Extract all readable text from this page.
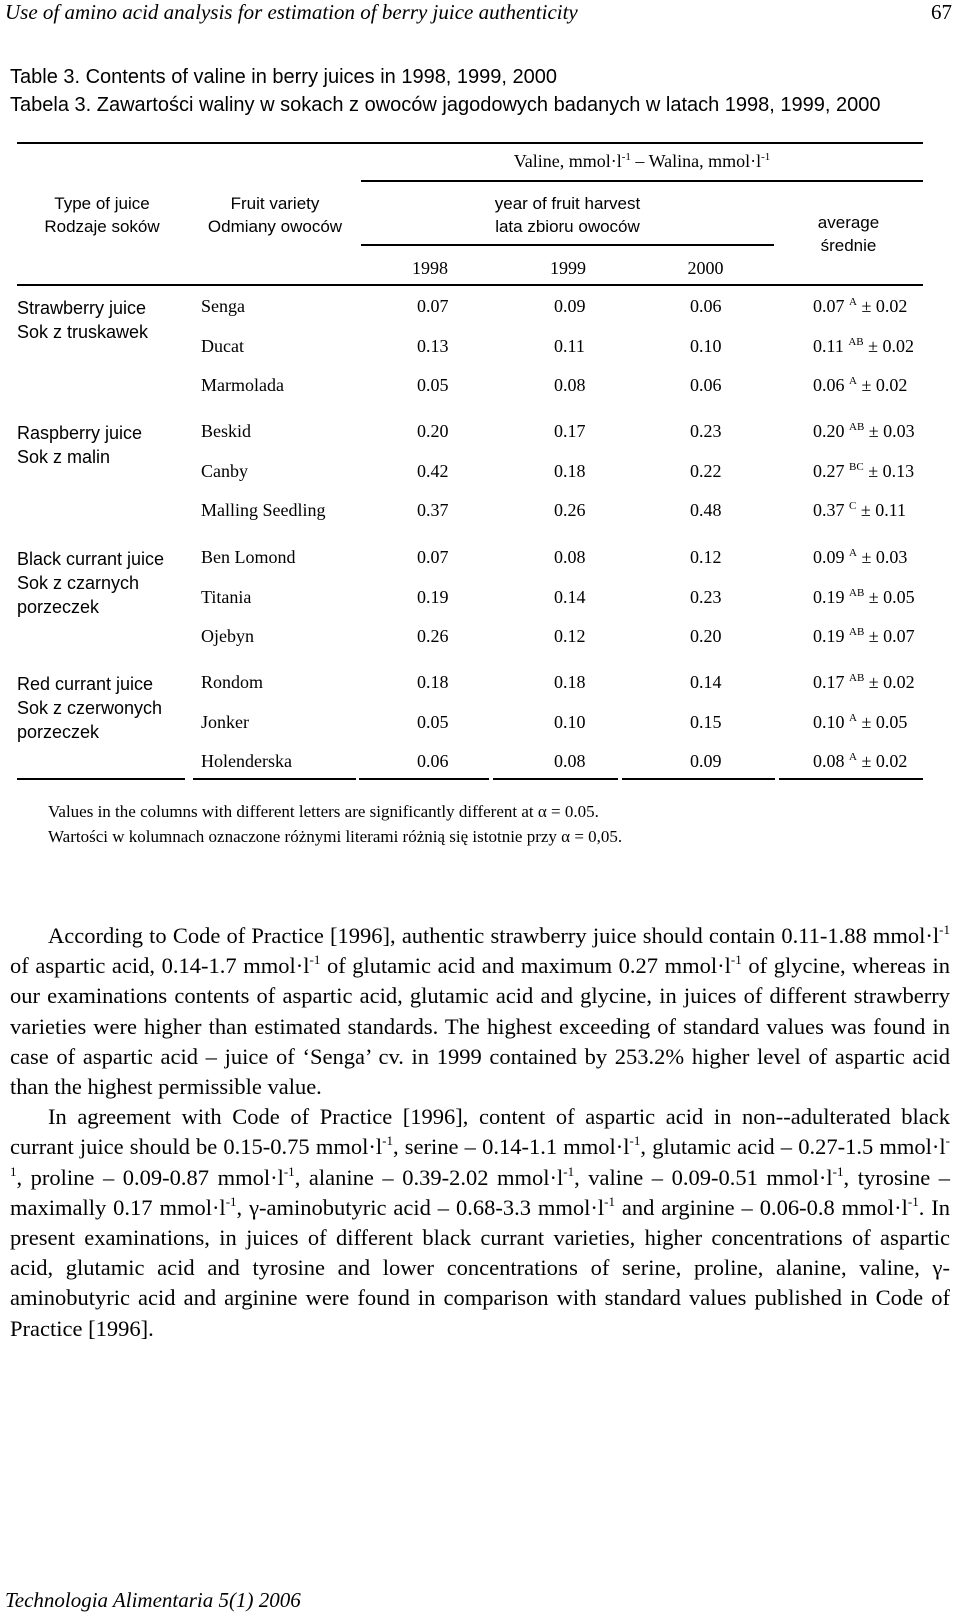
Use of amino acid analysis for estimation of berry juice authenticity	67
Table 3. Contents of valine in berry juices in 1998, 1999, 2000
Tabela 3. Zawartości waliny w sokach z owoców jagodowych badanych w latach 1998, 1999, 2000
Type of juice
Rodzaje soków
Fruit variety
Odmiany owoców
Valine, $mmol\cdot l^{-1}$ – Walina, $mmol\cdot l^{-1}$
year of fruit harvest
lata zbioru owoców	average
średnie
1998	1999	2000
Strawberry juice
Sok z truskawek
Senga	0.07	0.09	0.06	0.07 $^A$ ± 0.02
Ducat	0.13	0.11	0.10	0.11 $^{AB}$ ± 0.02
Marmolada	0.05	0.08	0.06	0.06 $^A$ ± 0.02
Raspberry juice
Sok z malin
Beskid	0.20	0.17	0.23	0.20 $^{AB}$ ± 0.03
Canby	0.42	0.18	0.22	0.27 $^{BC}$ ± 0.13
Malling Seedling	0.37	0.26	0.48	0.37 $^C$ ± 0.11
Black currant juice
Sok z czarnych
porzeczek
Ben Lomond	0.07	0.08	0.12	0.09 $^A$ ± 0.03
Titania	0.19	0.14	0.23	0.19 $^{AB}$ ± 0.05
Ojebyn	0.26	0.12	0.20	0.19 $^{AB}$ ± 0.07
Red currant juice
Sok z czerwonych
porzeczek
Rondom	0.18	0.18	0.14	0.17 $^{AB}$ ± 0.02
Jonker	0.05	0.10	0.15	0.10 $^A$ ± 0.05
Holenderska	0.06	0.08	0.09	0.08 $^A$ ± 0.02
Values in the columns with different letters are significantly different at α = 0.05.
Wartości w kolumnach oznaczone różnymi literami różnią się istotnie przy α = 0,05.

According to Code of Practice [1996], authentic strawberry juice should contain 0.11-1.88 $mmol\cdot l^{-1}$ of aspartic acid, 0.14-1.7 $mmol\cdot l^{-1}$ of glutamic acid and maximum 0.27 $mmol\cdot l^{-1}$ of glycine, whereas in our examinations contents of aspartic acid, glutamic acid and glycine, in juices of different strawberry varieties were higher than estimated standards. The highest exceeding of standard values was found in case of aspartic acid – juice of ‘Senga’ cv. in 1999 contained by 253.2% higher level of aspartic acid than the highest permissible value.

In agreement with Code of Practice [1996], content of aspartic acid in non--adulterated black currant juice should be 0.15-0.75 $mmol\cdot l^{-1}$, serine – 0.14-1.1 $mmol\cdot l^{-1}$, glutamic acid – 0.27-1.5 $mmol\cdot l^{-1}$, proline – 0.09-0.87 $mmol\cdot l^{-1}$, alanine – 0.39-2.02 $mmol\cdot l^{-1}$, valine – 0.09-0.51 $mmol\cdot l^{-1}$, tyrosine – maximally 0.17 $mmol\cdot l^{-1}$, γ-aminobutyric acid – 0.68-3.3 $mmol\cdot l^{-1}$ and arginine – 0.06-0.8 $mmol\cdot l^{-1}$. In present examinations, in juices of different black currant varieties, higher concentrations of aspartic acid, glutamic acid and tyrosine and lower concentrations of serine, proline, alanine, valine, γ-aminobutyric acid and arginine were found in comparison with standard values published in Code of Practice [1996].

Technologia Alimentaria 5(1) 2006
